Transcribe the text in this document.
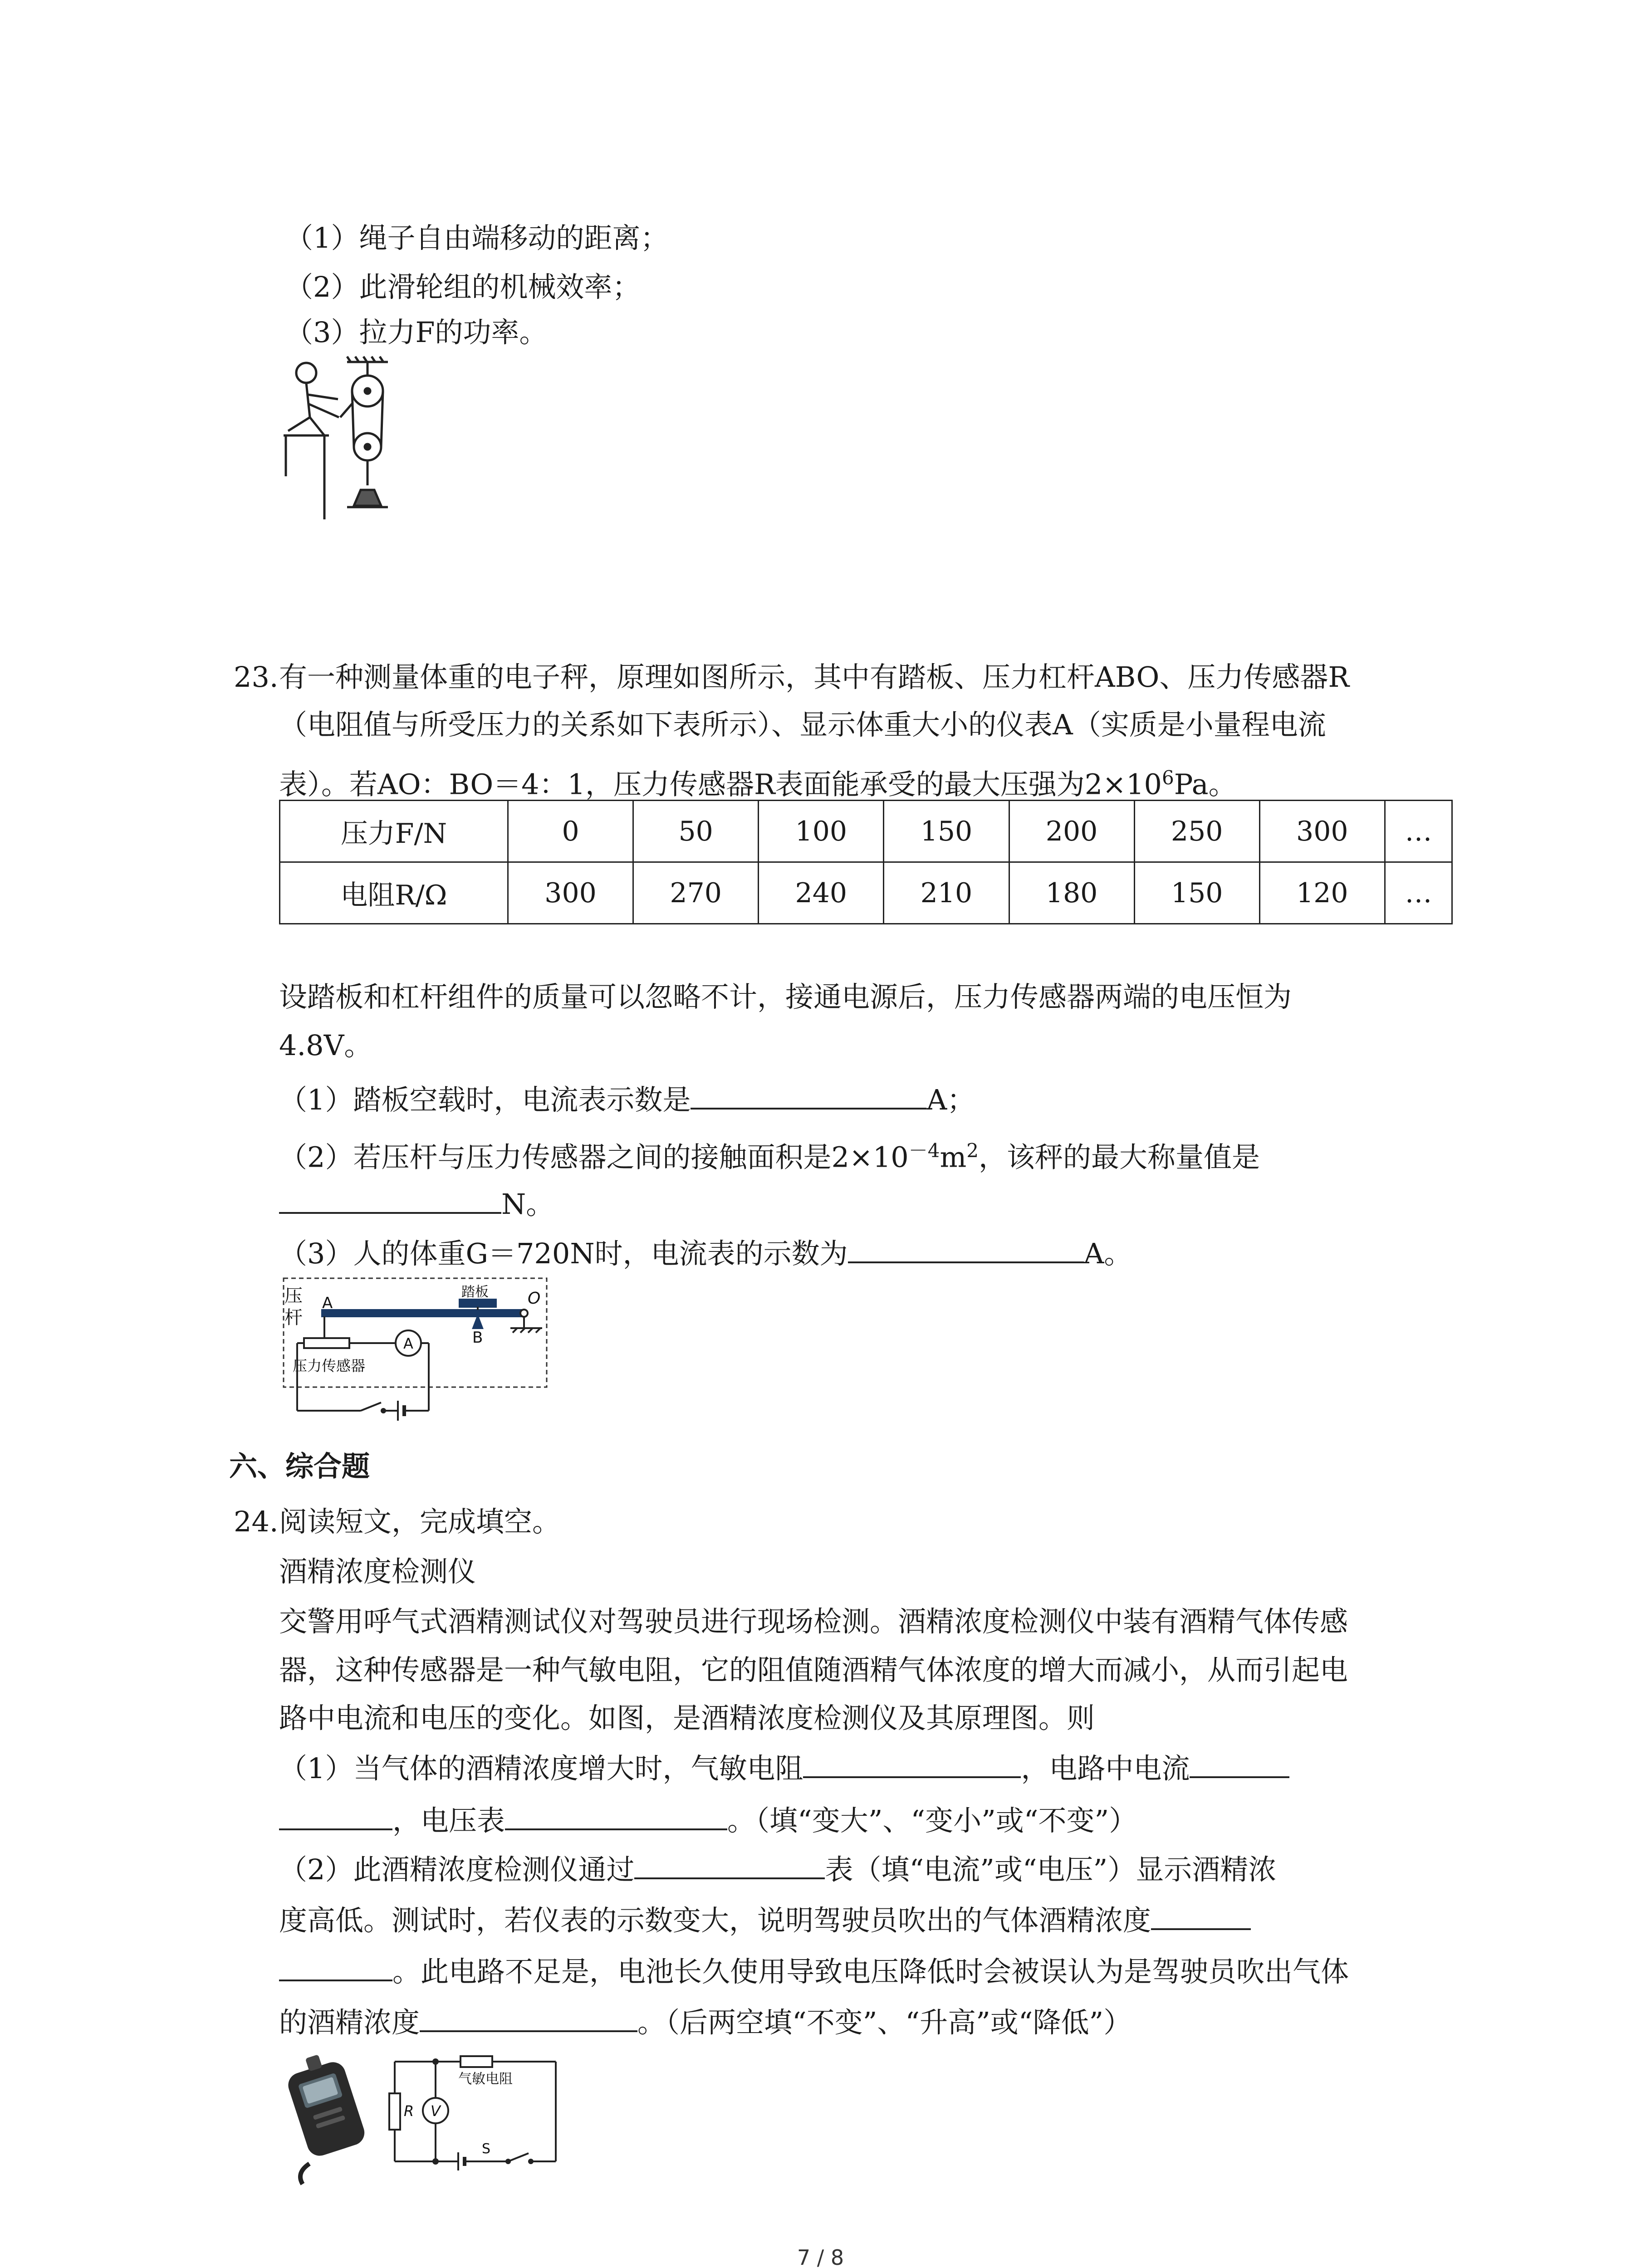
（1）绳子自由端移动的距离；
（2）此滑轮组的机械效率；
（3）拉力F的功率。
23. 有一种测量体重的电子秤，原理如图所示，其中有踏板、压力杠杆ABO、压力传感器R
（电阻值与所受压力的关系如下表所示）、显示体重大小的仪表A（实质是小量程电流
表）。若AO：BO＝4：1，压力传感器R表面能承受的最大压强为$2\times 10^6Pa$。
压力F/N	0	50	100	150	200	250	300	…
电阻R/Ω	300	270	240	210	180	150	120	…
设踏板和杠杆组件的质量可以忽略不计，接通电源后，压力传感器两端的电压恒为
4.8V。
（1）踏板空载时，电流表示数是	A；
（2）若压杆与压力传感器之间的接触面积是$2\times 10^{-4}m^2$，该秤的最大称量值是
N。
（3）人的体重G＝720N时，电流表的示数为	A。
压
杆
A
踏板
B
O
压力传感器
A
六、综合题
24. 阅读短文，完成填空。
酒精浓度检测仪
交警用呼气式酒精测试仪对驾驶员进行现场检测。酒精浓度检测仪中装有酒精气体传感
器，这种传感器是一种气敏电阻，它的阻值随酒精气体浓度的增大而减小，从而引起电
路中电流和电压的变化。如图，是酒精浓度检测仪及其原理图。则
（1）当气体的酒精浓度增大时，气敏电阻	，电路中电流
，电压表	。（填“变大”、“变小”或“不变”）
（2）此酒精浓度检测仪通过	表（填“电流”或“电压”）显示酒精浓
度高低。测试时，若仪表的示数变大，说明驾驶员吹出的气体酒精浓度
。此电路不足是，电池长久使用导致电压降低时会被误认为是驾驶员吹出气体
的酒精浓度	。（后两空填“不变”、“升高”或“降低”）
R V
气敏电阻
S
7 / 8
